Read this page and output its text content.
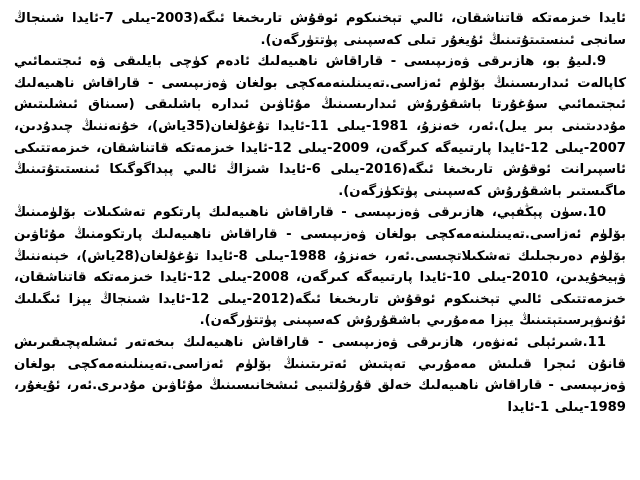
ئايدا خىزمەتكە قاتناشقان، ئالىي تېخنىكوم ئوقۇش تارىخىغا ئىگە(2003-يىلى 7-ئايدا شىنجاڭ سانجى ئىنستىتۇتىنىڭ ئۇيغۇر تىلى كەسپىنى پۈتتۈرگەن).

9.لىيۇ بو، ھازىرقى ۋەزىپىسى - قاراقاش ناھىيەلىك ئادەم كۈچى بايلىقى ۋە ئىجتىمائىي كاپالەت ئىدارىسىنىڭ بۆلۈم ئەزاسى.تەيىنلىنەمەكچى بولغان ۋەزىپىسى - قاراقاش ناھىيەلىك ئىجتىمائىي سۇغۇرتا باشقۇرۇش ئىدارىسىنىڭ مۇئاۋىن ئىدارە باشلىقى (سىناق ئىشلىتىش مۇددىتىنى بىر يىل).ئەر، خەنزۇ، 1981-يىلى 11-ئايدا تۇغۇلغان(35ياش)، خۇنەننىڭ چىدۇدىن، 2007-يىلى 12-ئايدا پارتىيەگە كىرگەن، 2009-يىلى 12-ئايدا خىزمەتكە قاتناشقان، خىزمەتتىكى ئاسپىرانت ئوقۇش تارىخىغا ئىگە(2016-يىلى 6-ئايدا شىزاڭ ئالىي پېداگوگىكا ئىنستىتۇتىنىڭ ماگىستىر باشقۇرۇش كەسپىنى پۈتكۈزگەن).

10.سۈن پېڭفېي، ھازىرقى ۋەزىپىسى - قاراقاش ناھىيەلىك پارتكوم تەشكىلات بۆلۈمىنىڭ بۆلۈم ئەزاسى.تەيىنلىنەمەكچى بولغان ۋەزىپىسى - قاراقاش ناھىيەلىك پارتكومنىڭ مۇئاۋىن بۆلۈم دەرىجىلىك تەشكىلاتچىسى.ئەر، خەنزۇ، 1988-يىلى 8-ئايدا تۇغۇلغان(28ياش)، خېنەننىڭ ۋېيخۇيدىن، 2010-يىلى 10-ئايدا پارتىيەگە كىرگەن، 2008-يىلى 12-ئايدا خىزمەتكە قاتناشقان، خىزمەتتىكى ئالىي تېخنىكوم ئوقۇش تارىخىغا ئىگە(2012-يىلى 12-ئايدا شىنجاڭ يېزا ئىگىلىك ئۇنىۋېرسىتېتىنىڭ يېزا مەمۇرىي باشقۇرۇش كەسپىنى پۈتتۈرگەن).

11.شىرئېلى ئەنۋەر، ھازىرقى ۋەزىپىسى - قاراقاش ناھىيەلىك بىخەتەر ئىشلەپچىقىرىش قانۇن ئىجرا قىلىش مەمۇرىي تەپتىش ئەترىتىنىڭ بۆلۈم ئەزاسى.تەيىنلىنەمەكچى بولغان ۋەزىپىسى - قاراقاش ناھىيەلىك خەلق قۇرۇلتىيى ئىشخانىسىنىڭ مۇئاۋىن مۇدىرى.ئەر، ئۇيغۇر، 1989-يىلى 1-ئايدا
